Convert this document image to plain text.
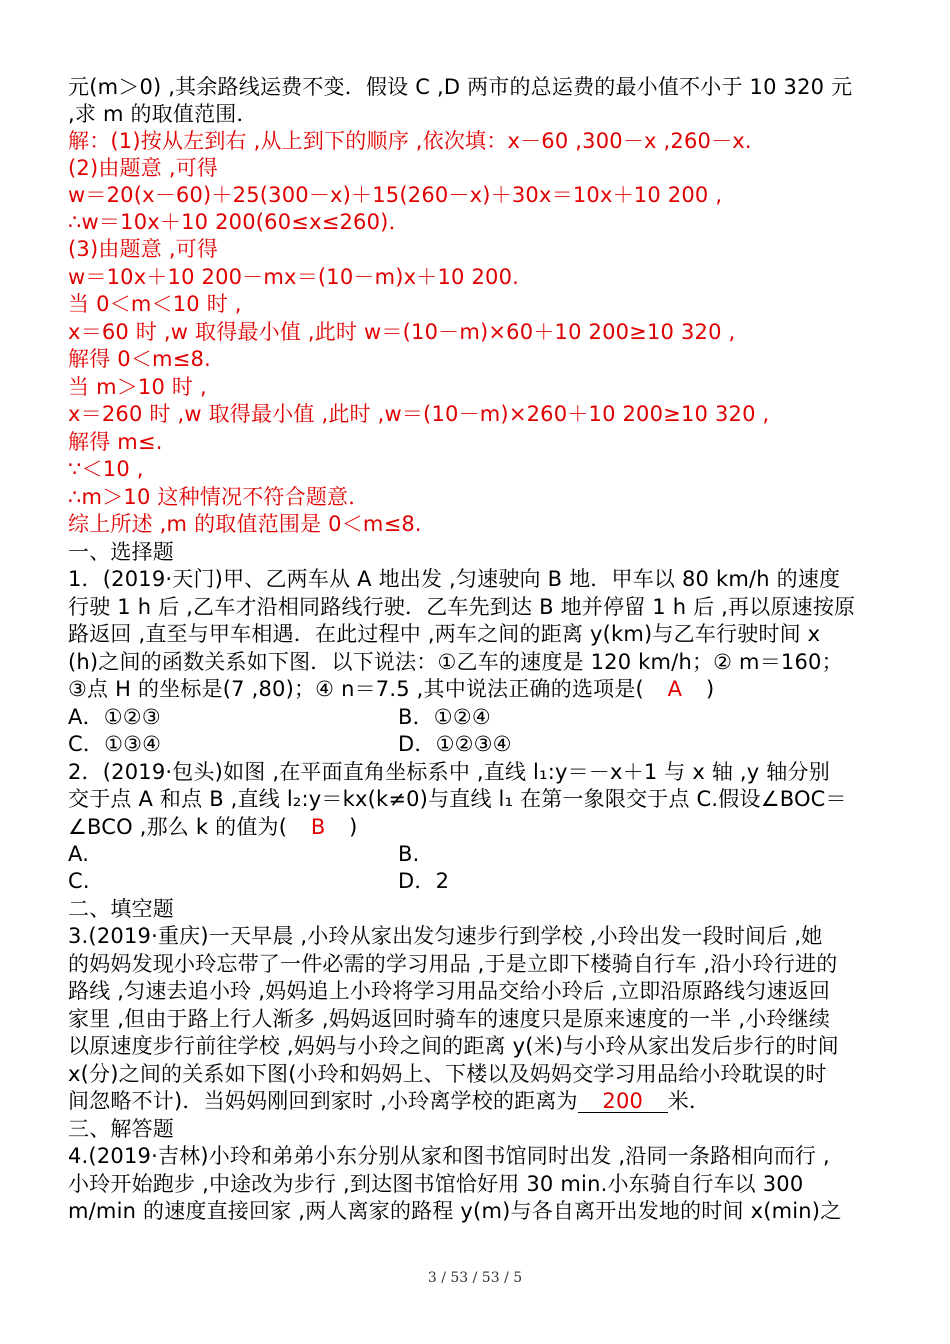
元(m＞0) ,其余路线运费不变．假设 C ,D 两市的总运费的最小值不小于 10 320 元
,求 m 的取值范围．
解：(1)按从左到右 ,从上到下的顺序 ,依次填：x－60 ,300－x ,260－x.
(2)由题意 ,可得
w＝20(x－60)＋25(300－x)＋15(260－x)＋30x＝10x＋10 200 ,
∴w＝10x＋10 200(60≤x≤260)．
(3)由题意 ,可得
w＝10x＋10 200－mx＝(10－m)x＋10 200.
当 0＜m＜10 时 ,
x＝60 时 ,w 取得最小值 ,此时 w＝(10－m)×60＋10 200≥10 320 ,
解得 0＜m≤8.
当 m＞10 时 ,
x＝260 时 ,w 取得最小值 ,此时 ,w＝(10－m)×260＋10 200≥10 320 ,
解得 m≤.
∵＜10 ,
∴m＞10 这种情况不符合题意．
综上所述 ,m 的取值范围是 0＜m≤8.
一、选择题
1．(2019·天门)甲、乙两车从 A 地出发 ,匀速驶向 B 地．甲车以 80 km/h 的速度
行驶 1 h 后 ,乙车才沿相同路线行驶．乙车先到达 B 地并停留 1 h 后 ,再以原速按原
路返回 ,直至与甲车相遇．在此过程中 ,两车之间的距离 y(km)与乙车行驶时间 x
(h)之间的函数关系如下图．以下说法：①乙车的速度是 120 km/h；② m＝160；
③点 H 的坐标是(7 ,80)；④ n＝7.5 ,其中说法正确的选项是( A )
A．①②③	B．①②④
C．①③④	D．①②③④
2．(2019·包头)如图 ,在平面直角坐标系中 ,直线 l₁:y＝－x＋1 与 x 轴 ,y 轴分别
交于点 A 和点 B ,直线 l₂:y＝kx(k≠0)与直线 l₁ 在第一象限交于点 C.假设∠BOC＝
∠BCO ,那么 k 的值为( B )
A.	B.
C.	D．2
二、填空题
3.(2019·重庆)一天早晨 ,小玲从家出发匀速步行到学校 ,小玲出发一段时间后 ,她
的妈妈发现小玲忘带了一件必需的学习用品 ,于是立即下楼骑自行车 ,沿小玲行进的
路线 ,匀速去追小玲 ,妈妈追上小玲将学习用品交给小玲后 ,立即沿原路线匀速返回
家里 ,但由于路上行人渐多 ,妈妈返回时骑车的速度只是原来速度的一半 ,小玲继续
以原速度步行前往学校 ,妈妈与小玲之间的距离 y(米)与小玲从家出发后步行的时间
x(分)之间的关系如下图(小玲和妈妈上、下楼以及妈妈交学习用品给小玲耽误的时
间忽略不计)．当妈妈刚回到家时 ,小玲离学校的距离为 200 米．
三、解答题
4.(2019·吉林)小玲和弟弟小东分别从家和图书馆同时出发 ,沿同一条路相向而行 ,
小玲开始跑步 ,中途改为步行 ,到达图书馆恰好用 30 min.小东骑自行车以 300
m/min 的速度直接回家 ,两人离家的路程 y(m)与各自离开出发地的时间 x(min)之
3 / 53 / 53 / 5
